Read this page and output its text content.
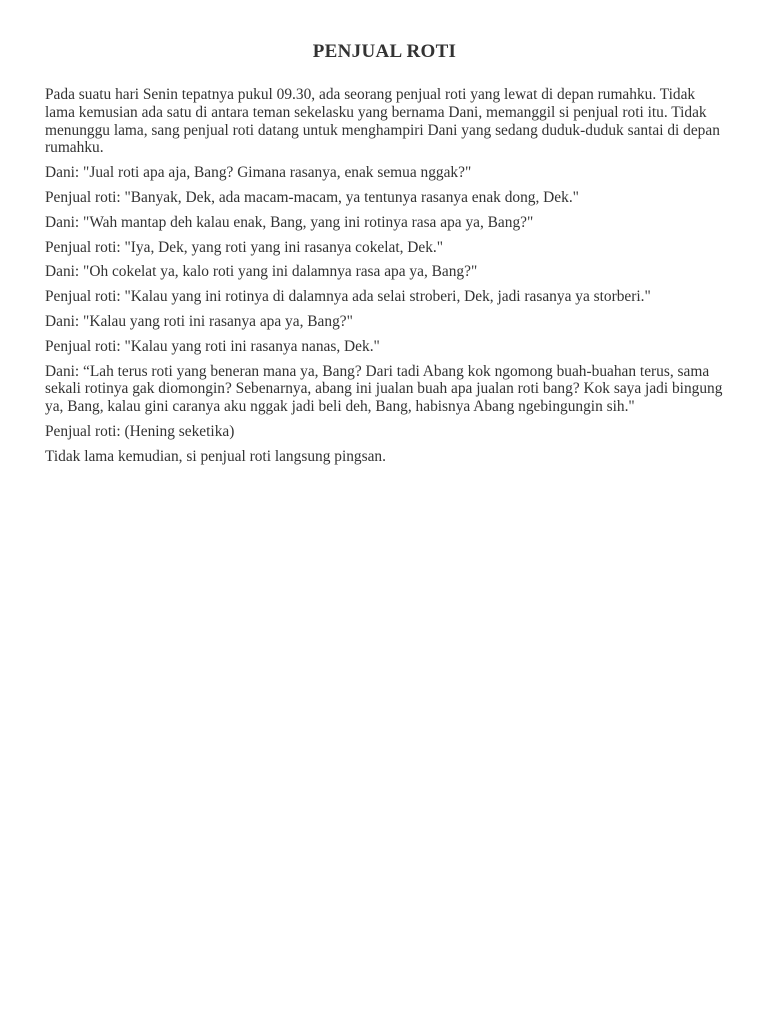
PENJUAL ROTI

Pada suatu hari Senin tepatnya pukul 09.30, ada seorang penjual roti yang lewat di depan rumahku. Tidak lama kemusian ada satu di antara teman sekelasku yang bernama Dani, memanggil si penjual roti itu. Tidak menunggu lama, sang penjual roti datang untuk menghampiri Dani yang sedang duduk-duduk santai di depan rumahku.

Dani: "Jual roti apa aja, Bang? Gimana rasanya, enak semua nggak?"

Penjual roti: "Banyak, Dek, ada macam-macam, ya tentunya rasanya enak dong, Dek."

Dani: "Wah mantap deh kalau enak, Bang, yang ini rotinya rasa apa ya, Bang?"

Penjual roti: "Iya, Dek, yang roti yang ini rasanya cokelat, Dek."

Dani: "Oh cokelat ya, kalo roti yang ini dalamnya rasa apa ya, Bang?"

Penjual roti: "Kalau yang ini rotinya di dalamnya ada selai stroberi, Dek, jadi rasanya ya storberi."

Dani: "Kalau yang roti ini rasanya apa ya, Bang?"

Penjual roti: "Kalau yang roti ini rasanya nanas, Dek."

Dani: “Lah terus roti yang beneran mana ya, Bang? Dari tadi Abang kok ngomong buah-buahan terus, sama sekali rotinya gak diomongin? Sebenarnya, abang ini jualan buah apa jualan roti bang? Kok saya jadi bingung ya, Bang, kalau gini caranya aku nggak jadi beli deh, Bang, habisnya Abang ngebingungin sih."

Penjual roti: (Hening seketika)

Tidak lama kemudian, si penjual roti langsung pingsan.
